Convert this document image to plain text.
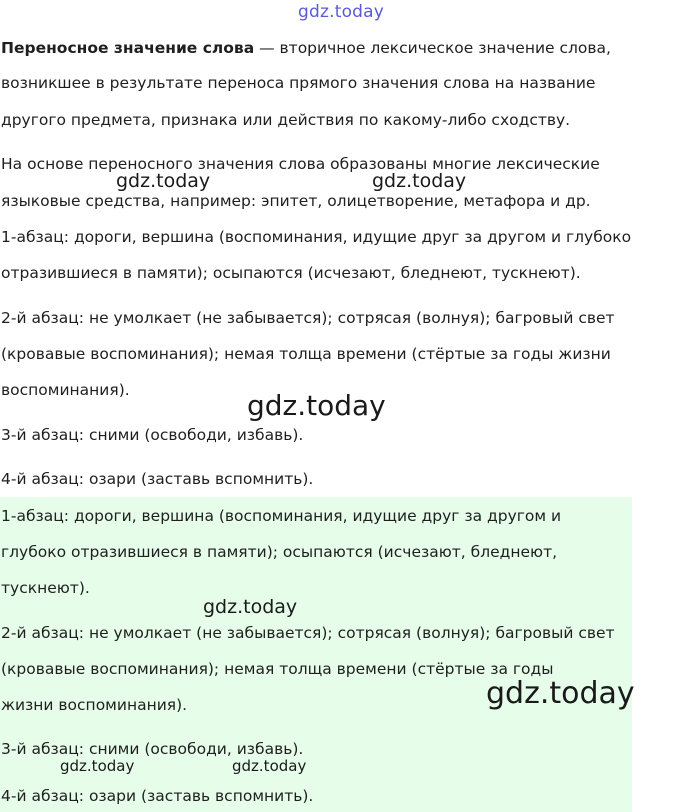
Переносное значение слова — вторичное лексическое значение слова,
возникшее в результате переноса прямого значения слова на название
другого предмета, признака или действия по какому-либо сходству.
На основе переносного значения слова образованы многие лексические
языковые средства, например: эпитет, олицетворение, метафора и др.
1-абзац: дороги, вершина (воспоминания, идущие друг за другом и глубоко
отразившиеся в памяти); осыпаются (исчезают, бледнеют, тускнеют).
2-й абзац: не умолкает (не забывается); сотрясая (волнуя); багровый свет
(кровавые воспоминания); немая толща времени (стёртые за годы жизни
воспоминания).
3-й абзац: сними (освободи, избавь).
4-й абзац: озари (заставь вспомнить).
1-абзац: дороги, вершина (воспоминания, идущие друг за другом и
глубоко отразившиеся в памяти); осыпаются (исчезают, бледнеют,
тускнеют).
2-й абзац: не умолкает (не забывается); сотрясая (волнуя); багровый свет
(кровавые воспоминания); немая толща времени (стёртые за годы
жизни воспоминания).
3-й абзац: сними (освободи, избавь).
4-й абзац: озари (заставь вспомнить).
gdz.today
gdz.today	gdz.today
gdz.today
gdz.today
gdz.today
gdz.today	gdz.today
